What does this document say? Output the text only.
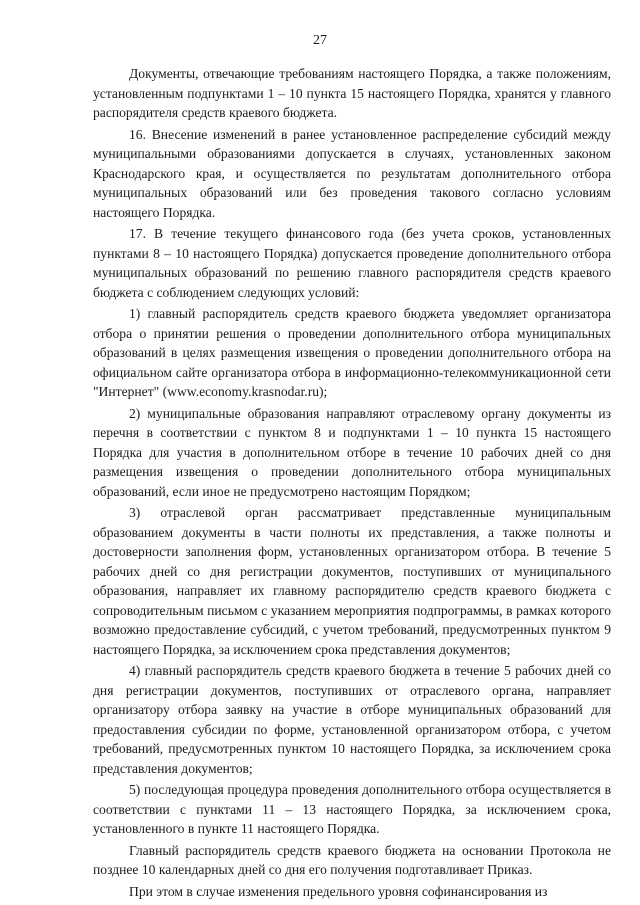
27

Документы, отвечающие требованиям настоящего Порядка, а также положениям, установленным подпунктами 1 – 10 пункта 15 настоящего Порядка, хранятся у главного распорядителя средств краевого бюджета.

16. Внесение изменений в ранее установленное распределение субсидий между муниципальными образованиями допускается в случаях, установленных законом Краснодарского края, и осуществляется по результатам дополнительного отбора муниципальных образований или без проведения такового согласно условиям настоящего Порядка.

17. В течение текущего финансового года (без учета сроков, установленных пунктами 8 – 10 настоящего Порядка) допускается проведение дополнительного отбора муниципальных образований по решению главного распорядителя средств краевого бюджета с соблюдением следующих условий:

1) главный распорядитель средств краевого бюджета уведомляет организатора отбора о принятии решения о проведении дополнительного отбора муниципальных образований в целях размещения извещения о проведении дополнительного отбора на официальном сайте организатора отбора в информационно-телекоммуникационной сети "Интернет" (www.economy.krasnodar.ru);

2) муниципальные образования направляют отраслевому органу документы из перечня в соответствии с пунктом 8 и подпунктами 1 – 10 пункта 15 настоящего Порядка для участия в дополнительном отборе в течение 10 рабочих дней со дня размещения извещения о проведении дополнительного отбора муниципальных образований, если иное не предусмотрено настоящим Порядком;

3) отраслевой орган рассматривает представленные муниципальным образованием документы в части полноты их представления, а также полноты и достоверности заполнения форм, установленных организатором отбора. В течение 5 рабочих дней со дня регистрации документов, поступивших от муниципального образования, направляет их главному распорядителю средств краевого бюджета с сопроводительным письмом с указанием мероприятия подпрограммы, в рамках которого возможно предоставление субсидий, с учетом требований, предусмотренных пунктом 9 настоящего Порядка, за исключением срока представления документов;

4) главный распорядитель средств краевого бюджета в течение 5 рабочих дней со дня регистрации документов, поступивших от отраслевого органа, направляет организатору отбора заявку на участие в отборе муниципальных образований для предоставления субсидии по форме, установленной организатором отбора, с учетом требований, предусмотренных пунктом 10 настоящего Порядка, за исключением срока представления документов;

5) последующая процедура проведения дополнительного отбора осуществляется в соответствии с пунктами 11 – 13 настоящего Порядка, за исключением срока, установленного в пункте 11 настоящего Порядка.

Главный распорядитель средств краевого бюджета на основании Протокола не позднее 10 календарных дней со дня его получения подготавливает Приказ.

При этом в случае изменения предельного уровня софинансирования из
